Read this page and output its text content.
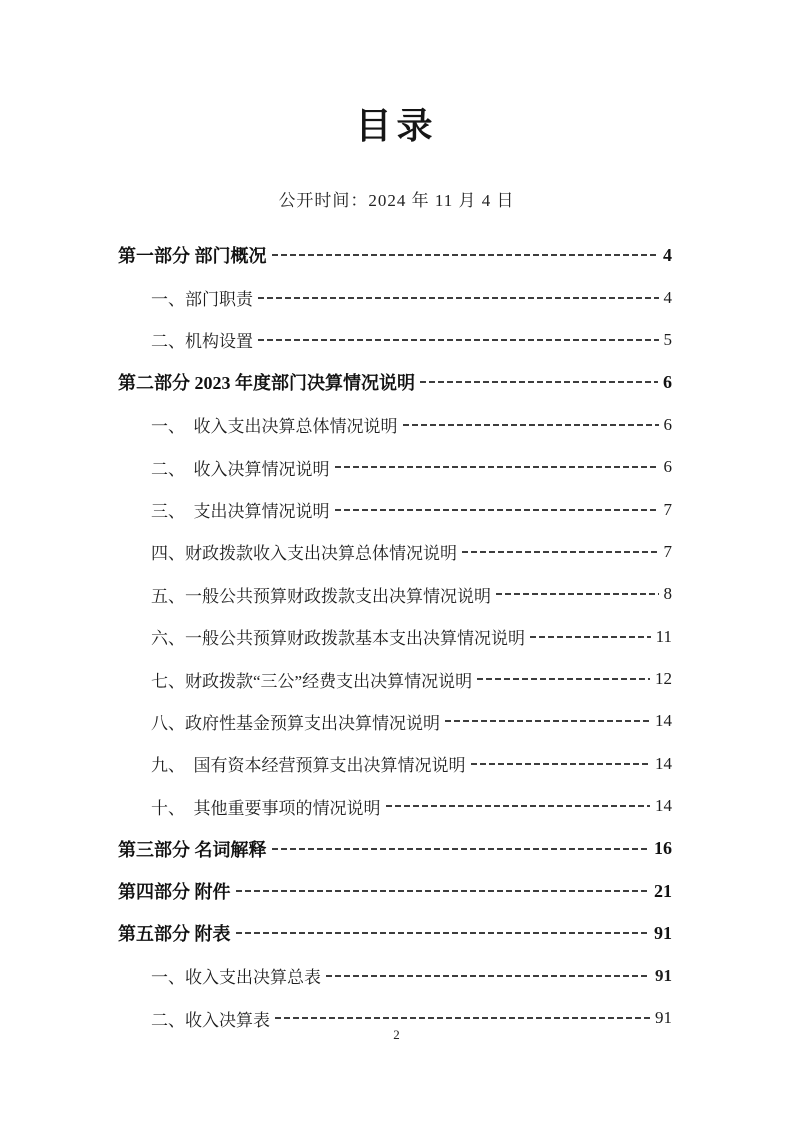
目录
公开时间：2024 年 11 月 4 日
第一部分 部门概况	4
一、部门职责	4
二、机构设置	5
第二部分 2023 年度部门决算情况说明	6
一、　收入支出决算总体情况说明	6
二、　收入决算情况说明	6
三、　支出决算情况说明	7
四、财政拨款收入支出决算总体情况说明	7
五、一般公共预算财政拨款支出决算情况说明	8
六、一般公共预算财政拨款基本支出决算情况说明	11
七、财政拨款“三公”经费支出决算情况说明	12
八、政府性基金预算支出决算情况说明	14
九、　国有资本经营预算支出决算情况说明	14
十、　其他重要事项的情况说明	14
第三部分 名词解释	16
第四部分 附件	21
第五部分 附表	91
一、收入支出决算总表	91
二、收入决算表	91
2
